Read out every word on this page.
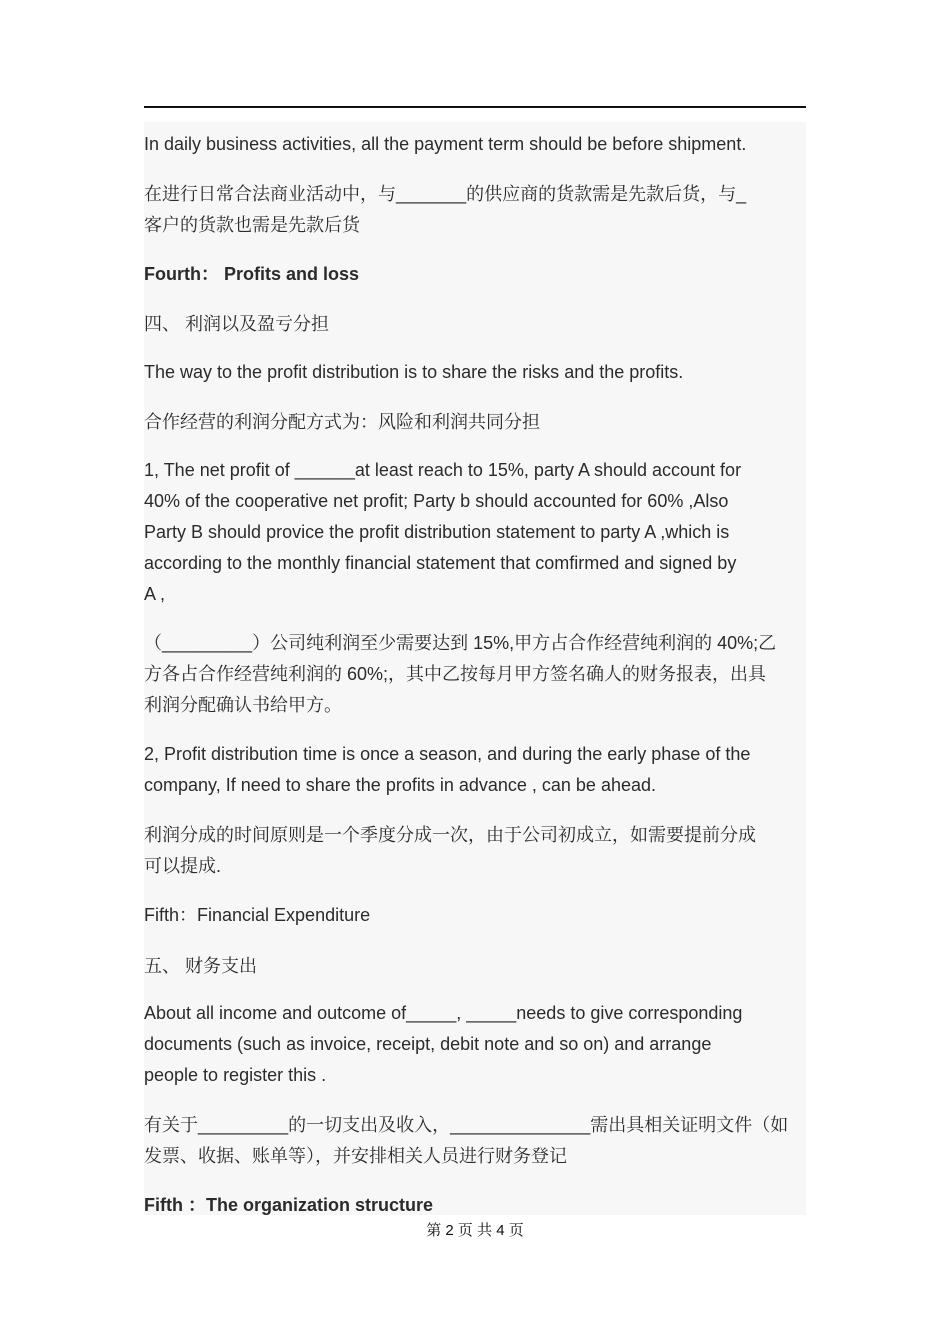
In daily business activities, all the payment term should be before shipment.
在进行日常合法商业活动中，与_______的供应商的货款需是先款后货，与_
客户的货款也需是先款后货
Fourth： Profits and loss
四、 利润以及盈亏分担
The way to the profit distribution is to share the risks and the profits.
合作经营的利润分配方式为：风险和利润共同分担
1, The net profit of ______at least reach to 15%, party A should account for
40% of the cooperative net profit; Party b should accounted for 60% ,Also
Party B should provice the profit distribution statement to party A ,which is
according to the monthly financial statement that comfirmed and signed by
A ,
（_________）公司纯利润至少需要达到 15%,甲方占合作经营纯利润的 40%;乙
方各占合作经营纯利润的 60%;，其中乙按每月甲方签名确人的财务报表，出具
利润分配确认书给甲方。
2, Profit distribution time is once a season, and during the early phase of the
company, If need to share the profits in advance , can be ahead.
利润分成的时间原则是一个季度分成一次，由于公司初成立，如需要提前分成
可以提成.
Fifth：Financial Expenditure
五、 财务支出
About all income and outcome of_____, _____needs to give corresponding
documents (such as invoice, receipt, debit note and so on) and arrange
people to register this .
有关于_________的一切支出及收入，______________需出具相关证明文件（如
发票、收据、账单等），并安排相关人员进行财务登记
Fifth ：The organization structure
第 2 页 共 4 页
